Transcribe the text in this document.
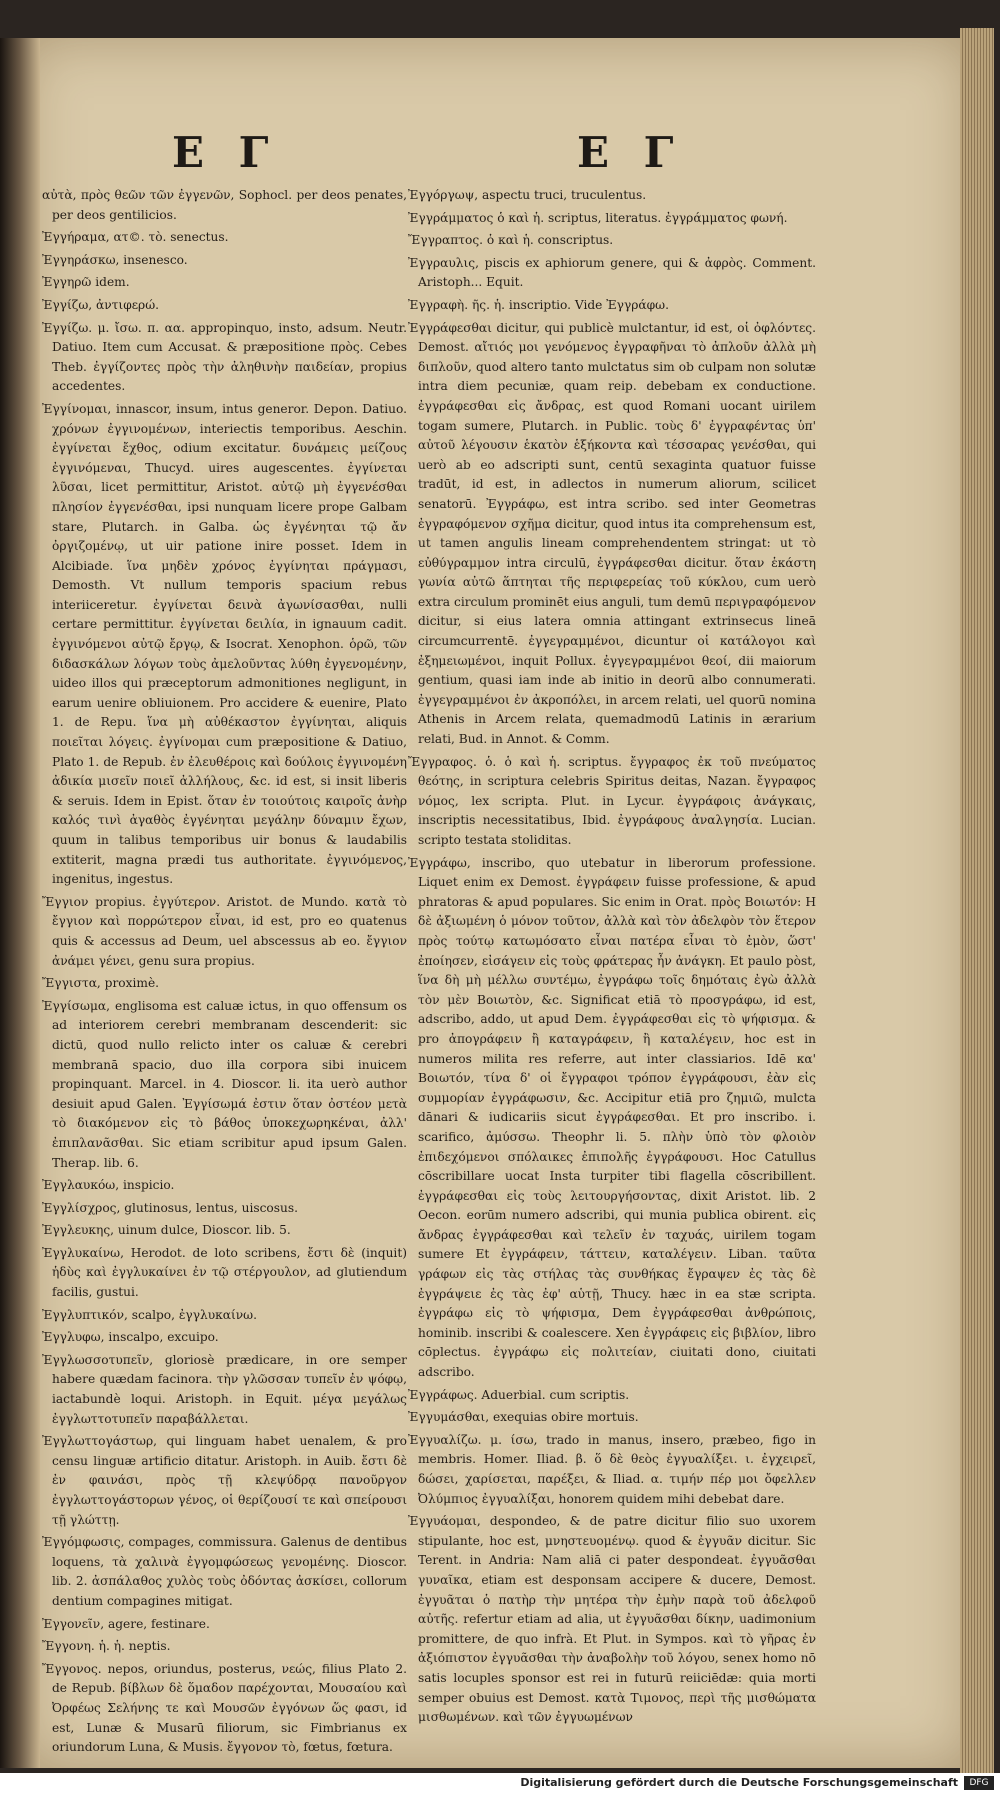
E Γ	E Γ

αὐτὰ, πρὸς θεῶν τῶν ἐγγενῶν, Sophocl. per deos penates, per deos gentilicios.

Ἐγγήραμα, ατ©. τὸ. senectus.

Ἐγγηράσκω, insenesco.

Ἐγγηρῶ idem.

Ἐγγίζω, ἀντιφερώ.

Ἐγγίζω. μ. ἴσω. π. αα. appropinquo, insto, adsum. Neutr. Datiuo. Item cum Accusat. & præpositione πρὸς. Cebes Theb. ἐγγίζοντες πρὸς τὴν ἀληθινὴν παιδείαν, propius accedentes.

Ἐγγίνομαι, innascor, insum, intus generor. Depon. Datiuo. χρόνων ἐγγινομένων, interiectis temporibus. Aeschin. ἐγγίνεται ἔχθος, odium excitatur. δυνάμεις μείζους ἐγγινόμεναι, Thucyd. uires augescentes. ἐγγίνεται λῦσαι, licet permittitur, Aristot. αὐτῷ μὴ ἐγγενέσθαι πλησίον ἐγγενέσθαι, ipsi nunquam licere prope Galbam stare, Plutarch. in Galba. ὡς ἐγγένηται τῷ ἄν ὀργιζομένῳ, ut uir patione inire posset. Idem in Alcibiade. ἵνα μηδὲν χρόνος ἐγγίνηται πράγμασι, Demosth. Vt nullum temporis spacium rebus interiiceretur. ἐγγίνεται δεινὰ ἀγωνίσασθαι, nulli certare permittitur. ἐγγίνεται δειλία, in ignauum cadit. ἐγγινόμενοι αὐτῷ ἔργῳ, & Isocrat. Xenophon. ὁρῶ, τῶν διδασκάλων λόγων τοὺς ἀμελοῦντας λύθη ἐγγενομένην, uideo illos qui præceptorum admonitiones negligunt, in earum uenire obliuionem. Pro accidere & euenire, Plato 1. de Repu. ἵνα μὴ αὐθέκαστον ἐγγίνηται, aliquis ποιεῖται λόγεις. ἐγγίνομαι cum præpositione & Datiuo, Plato 1. de Repub. ἐν ἐλευθέροις καὶ δούλοις ἐγγινομένη ἀδικία μισεῖν ποιεῖ ἀλλήλους, &c. id est, si insit liberis & seruis. Idem in Epist. ὅταν ἐν τοιούτοις καιροῖς ἀνὴρ καλός τινὶ ἀγαθὸς ἐγγένηται μεγάλην δύναμιν ἔχων, quum in talibus temporibus uir bonus & laudabilis extiterit, magna prædi tus authoritate. ἐγγινόμενος, ingenitus, ingestus.

Ἔγγιον propius. ἐγγύτερον. Aristot. de Mundo. κατὰ τὸ ἔγγιον καὶ πορρώτερον εἶναι, id est, pro eo quatenus quis & accessus ad Deum, uel abscessus ab eo. ἔγγιον ἀνάμει γένει, genu sura propius.

Ἔγγιστα, proximè.

Ἐγγίσωμα, englisoma est caluæ ictus, in quo offensum os ad interiorem cerebri membranam descenderit: sic dictū, quod nullo relicto inter os caluæ & cerebri membranā spacio, duo illa corpora sibi inuicem propinquant. Marcel. in 4. Dioscor. li. ita uerò author desiuit apud Galen. Ἐγγίσωμά ἐστιν ὅταν ὀστέον μετὰ τὸ διακόμενον εἰς τὸ βάθος ὑποκεχωρηκέναι, ἀλλ' ἐπιπλανᾶσθαι. Sic etiam scribitur apud ipsum Galen. Therap. lib. 6.

Ἐγγλαυκόω, inspicio.

Ἐγγλίσχρος, glutinosus, lentus, uiscosus.

Ἐγγλευκης, uinum dulce, Dioscor. lib. 5.

Ἐγγλυκαίνω, Herodot. de loto scribens, ἔστι δὲ (inquit) ἡδὺς καὶ ἐγγλυκαίνει ἐν τῷ στέργουλον, ad glutiendum facilis, gustui.

Ἐγγλυπτικόν, scalpo, ἐγγλυκαίνω.

Ἐγγλυφω, inscalpo, excuipo.

Ἐγγλωσσοτυπεῖν, gloriosè prædicare, in ore semper habere quædam facinora. τὴν γλῶσσαν τυπεῖν ἐν ψόφῳ, iactabundè loqui. Aristoph. in Equit. μέγα μεγάλως ἐγγλωττοτυπεῖν παραβάλλεται.

Ἐγγλωττογάστωρ, qui linguam habet uenalem, & pro censu linguæ artificio ditatur. Aristoph. in Auib. ἔστι δὲ ἐν φαινάσι, πρὸς τῇ κλεψύδρᾳ πανοῦργον ἐγγλωττογάστορων γένος, οἱ θερίζουσί τε καὶ σπείρουσι τῇ γλώττῃ.

Ἐγγόμφωσις, compages, commissura. Galenus de dentibus loquens, τὰ χαλινὰ ἐγγομφώσεως γενομένης. Dioscor. lib. 2. ἀσπάλαθος χυλὸς τοὺς ὀδόντας ἀσκίσει, collorum dentium compagines mitigat.

Ἐγγονεῖν, agere, festinare.

Ἔγγονη. ἡ. ἡ. neptis.

Ἔγγονος. nepos, oriundus, posterus, νεώς, filius Plato 2. de Repub. βίβλων δὲ ὅμαδον παρέχονται, Μουσαίου καὶ Ὀρφέως Σελήνης τε καὶ Μουσῶν ἐγγόνων ὥς φασι, id est, Lunæ & Musarū filiorum, sic Fimbrianus ex oriundorum Luna, & Musis. ἔγγονον τὸ, fœtus, fœtura.

Ἐγγόργωψ, aspectu truci, truculentus.

Ἐγγράμματος ὁ καὶ ἡ. scriptus, literatus. ἐγγράμματος φωνή.

Ἔγγραπτος. ὁ καὶ ἡ. conscriptus.

Ἐγγραυλις, piscis ex aphiorum genere, qui & ἀφρὸς. Comment. Aristoph... Equit.

Ἐγγραφὴ. ῆς. ἡ. inscriptio. Vide Ἐγγράφω.

Ἐγγράφεσθαι dicitur, qui publicè mulctantur, id est, οἱ ὀφλόντες. Demost. αἴτιός μοι γενόμενος ἐγγραφῆναι τὸ ἀπλοῦν ἀλλὰ μὴ διπλοῦν, quod altero tanto mulctatus sim ob culpam non solutæ intra diem pecuniæ, quam reip. debebam ex conductione. ἐγγράφεσθαι εἰς ἄνδρας, est quod Romani uocant uirilem togam sumere, Plutarch. in Public. τοὺς δ' ἐγγραφέντας ὑπ' αὐτοῦ λέγουσιν ἑκατὸν ἑξήκοντα καὶ τέσσαρας γενέσθαι, qui uerò ab eo adscripti sunt, centū sexaginta quatuor fuisse tradūt, id est, in adlectos in numerum aliorum, scilicet senatorū. Ἐγγράφω, est intra scribo. sed inter Geometras ἐγγραφόμενον σχῆμα dicitur, quod intus ita comprehensum est, ut tamen angulis lineam comprehendentem stringat: ut τὸ εὐθύγραμμον intra circulū, ἐγγράφεσθαι dicitur. ὅταν ἑκάστη γωνία αὐτῶ ἅπτηται τῆς περιφερείας τοῦ κύκλου, cum uerò extra circulum prominēt eius anguli, tum demū περιγραφόμενον dicitur, si eius latera omnia attingant extrinsecus lineā circumcurrentē. ἐγγεγραμμένοι, dicuntur οἱ κατάλογοι καὶ ἐξημειωμένοι, inquit Pollux. ἐγγεγραμμένοι θεοί, dii maiorum gentium, quasi iam inde ab initio in deorū albo connumerati. ἐγγεγραμμένοι ἐν ἀκροπόλει, in arcem relati, uel quorū nomina Athenis in Arcem relata, quemadmodū Latinis in ærarium relati, Bud. in Annot. & Comm.

Ἔγγραφος. ὁ. ὁ καὶ ἡ. scriptus. ἔγγραφος ἐκ τοῦ πνεύματος θεότης, in scriptura celebris Spiritus deitas, Nazan. ἔγγραφος νόμος, lex scripta. Plut. in Lycur. ἐγγράφοις ἀνάγκαις, inscriptis necessitatibus, Ibid. ἐγγράφους ἀναλγησία. Lucian. scripto testata stoliditas.

Ἐγγράφω, inscribo, quo utebatur in liberorum professione. Liquet enim ex Demost. ἐγγράφειν fuisse professione, & apud phratoras & apud populares. Sic enim in Orat. πρὸς Βοιωτόν: Η δὲ ἀξιωμένη ὁ μόνον τοῦτον, ἀλλὰ καὶ τὸν ἀδελφὸν τὸν ἕτερον πρὸς τούτῳ κατωμόσατο εἶναι πατέρα εἶναι τὸ ἐμὸν, ὥστ' ἐποίησεν, εἰσάγειν εἰς τοὺς φράτερας ἦν ἀνάγκη. Et paulo pòst, ἵνα δὴ μὴ μέλλω συντέμω, ἐγγράφω τοῖς δημόταις ἐγὼ ἀλλὰ τὸν μὲν Βοιωτὸν, &c. Significat etiā τὸ προσγράφω, id est, adscribo, addo, ut apud Dem. ἐγγράφεσθαι εἰς τὸ ψήφισμα. & pro ἀπογράφειν ἢ καταγράφειν, ἢ καταλέγειν, hoc est in numeros milita res referre, aut inter classiarios. Idē κα' Βοιωτόν, τίνα δ' οἱ ἔγγραφοι τρόπον ἐγγράφουσι, ἐὰν εἰς συμμορίαν ἐγγράφωσιν, &c. Accipitur etiā pro ζημιῶ, mulcta dānari & iudicariis sicut ἐγγράφεσθαι. Et pro inscribo. i. scarifico, ἀμύσσω. Theophr li. 5. πλὴν ὑπὸ τὸν φλοιὸν ἐπιδεχόμενοι σπόλαικες ἐπιπολῆς ἐγγράφουσι. Hoc Catullus cōscribillare uocat Insta turpiter tibi flagella cōscribillent. ἐγγράφεσθαι εἰς τοὺς λειτουργήσοντας, dixit Aristot. lib. 2 Oecon. eorūm numero adscribi, qui munia publica obirent. εἰς ἄνδρας ἐγγράφεσθαι καὶ τελεῖν ἐν ταχυάς, uirilem togam sumere Et ἐγγράφειν, τάττειν, καταλέγειν. Liban. ταῦτα γράφων εἰς τὰς στήλας τὰς συνθήκας ἔγραψεν ἐς τὰς δὲ ἐγγράψειε ἐς τὰς ἐφ' αὑτῇ, Thucy. hæc in ea stæ scripta. ἐγγράφω εἰς τὸ ψήφισμα, Dem ἐγγράφεσθαι ἀνθρώποις, hominib. inscribi & coalescere. Xen ἐγγράφεις εἰς βιβλίον, libro cōplectus. ἐγγράφω εἰς πολιτείαν, ciuitati dono, ciuitati adscribo.

Ἐγγράφως. Aduerbial. cum scriptis.

Ἐγγυμάσθαι, exequias obire mortuis.

Ἐγγυαλίζω. μ. ίσω, trado in manus, insero, præbeo, figo in membris. Homer. Iliad. β. ὅ δὲ θεὸς ἐγγυαλίξει. ι. ἐγχειρεῖ, δώσει, χαρίσεται, παρέξει, & Iliad. α. τιμήν πέρ μοι ὄφελλεν Ὀλύμπιος ἐγγυαλίξαι, honorem quidem mihi debebat dare.

Ἐγγυάομαι, despondeo, & de patre dicitur filio suo uxorem stipulante, hoc est, μνηστευομένῳ. quod & ἐγγυᾶν dicitur. Sic Terent. in Andria: Nam aliā ci pater despondeat. ἐγγυᾶσθαι γυναῖκα, etiam est desponsam accipere & ducere, Demost. ἐγγυᾶται ὁ πατὴρ τὴν μητέρα τὴν ἐμὴν παρὰ τοῦ ἀδελφοῦ αὐτῆς. refertur etiam ad alia, ut ἐγγυᾶσθαι δίκην, uadimonium promittere, de quo infrà. Et Plut. in Sympos. καὶ τὸ γῆρας ἐν ἀξιόπιστον ἐγγυᾶσθαι τὴν ἀναβολὴν τοῦ λόγου, senex homo nō satis locuples sponsor est rei in futurū reiiciēdæ: quia morti semper obuius est Demost. κατὰ Τιμονος, περὶ τῆς μισθώματα μισθωμένων. καὶ τῶν ἐγγυωμένων

Digitalisierung gefördert durch die Deutsche Forschungsgemeinschaft	DFG
